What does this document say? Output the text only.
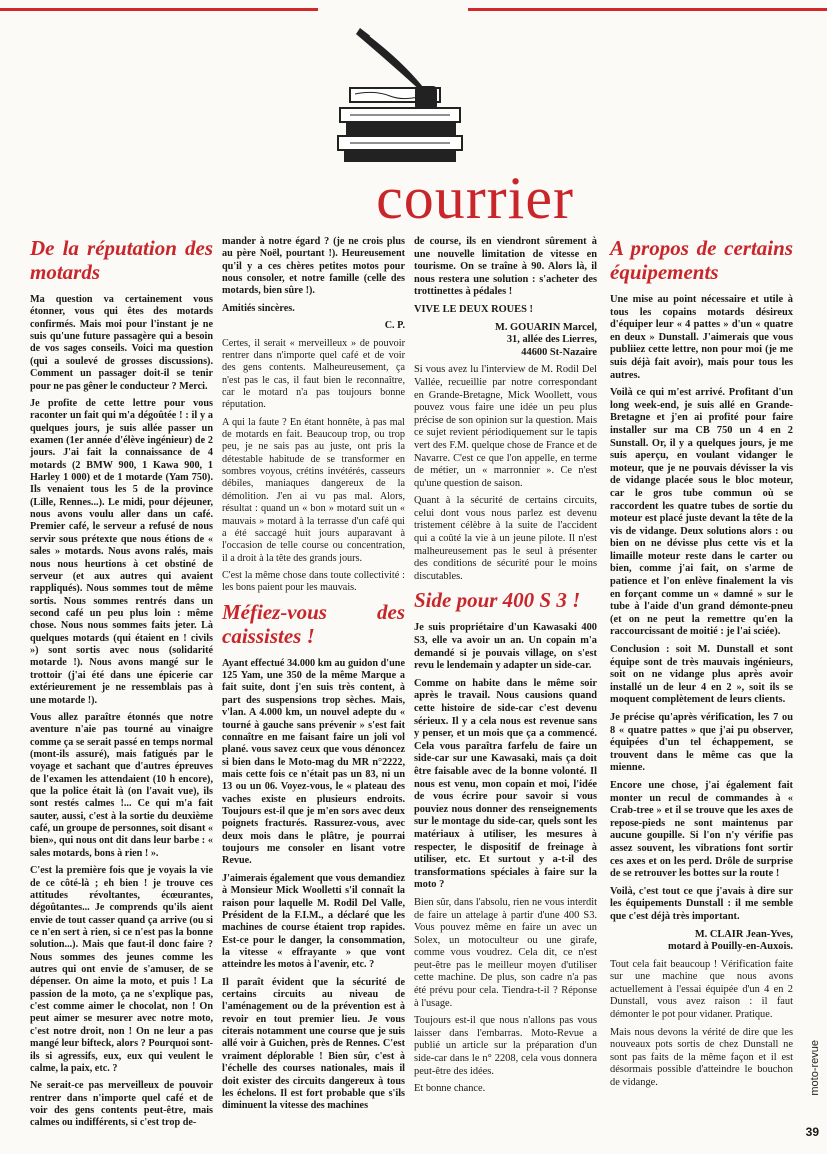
courrier
De la réputation des motards

Ma question va certainement vous étonner, vous qui êtes des motards confirmés. Mais moi pour l'instant je ne suis qu'une future passagère qui a besoin de vos sages conseils. Voici ma question (qui a soulevé de grosses discussions). Comment un passager doit-il se tenir pour ne pas gêner le conducteur ? Merci.

Je profite de cette lettre pour vous raconter un fait qui m'a dégoûtée ! : il y a quelques jours, je suis allée passer un examen (1er année d'élève ingénieur) de 2 jours. J'ai fait la connaissance de 4 motards (2 BMW 900, 1 Kawa 900, 1 Harley 1 000) et de 1 motarde (Yam 750). Ils venaient tous les 5 de la province (Lille, Rennes...). Le midi, pour déjeuner, nous avons voulu aller dans un café. Premier café, le serveur a refusé de nous servir sous prétexte que nous étions de « sales » motards. Nous avons ralés, mais nous nous heurtions à cet obstiné de serveur (et aux autres qui avaient rappliqués). Nous sommes tout de même sortis. Nous sommes rentrés dans un second café un peu plus loin : même chose. Nous nous sommes faits jeter. Là quelques motards (qui étaient en ! civils ») sont sortis avec nous (solidarité motarde !). Nous avons mangé sur le trottoir (j'ai été dans une épicerie car extérieurement je ne ressemblais pas à une motarde !).

Vous allez paraître étonnés que notre aventure n'aie pas tourné au vinaigre comme ça se serait passé en temps normal (mont-ils assuré), mais fatigués par le voyage et sachant que d'autres épreuves de l'examen les attendaient (10 h encore), que la police était là (on l'avait vue), ils sont restés calmes !... Ce qui m'a fait sauter, aussi, c'est à la sortie du deuxième café, un groupe de personnes, soit disant « bien», qui nous ont dit dans leur barbe : « sales motards, bons à rien ! ».

C'est la première fois que je voyais la vie de ce côté-là ; eh bien ! je trouve ces attitudes révoltantes, écœurantes, dégoûtantes... Je comprends qu'ils aient envie de tout casser quand ça arrive (ou si ce n'en sert à rien, si ce n'est pas la bonne solution...). Mais que faut-il donc faire ? Nous sommes des jeunes comme les autres qui ont envie de s'amuser, de se dépenser. On aime la moto, et puis ! La passion de la moto, ça ne s'explique pas, c'est comme aimer le chocolat, non ! On peut aimer se mesurer avec notre moto, c'est notre droit, non ! On ne leur a pas mangé leur bifteck, alors ? Pourquoi sont-ils si agressifs, eux, eux qui veulent le calme, la paix, etc. ?

Ne serait-ce pas merveilleux de pouvoir rentrer dans n'importe quel café et de voir des gens contents peut-être, mais calmes ou indifférents, si c'est trop de-

mander à notre égard ? (je ne crois plus au père Noël, pourtant !). Heureusement qu'il y a ces chères petites motos pour nous consoler, et notre famille (celle des motards, bien sûre !).

Amitiés sincères.

C. P.

Certes, il serait « merveilleux » de pouvoir rentrer dans n'importe quel café et de voir des gens contents. Malheureusement, ça n'est pas le cas, il faut bien le reconnaître, car le motard n'a pas toujours bonne réputation.

A qui la faute ? En étant honnête, à pas mal de motards en fait. Beaucoup trop, ou trop peu, je ne sais pas au juste, ont pris la détestable habitude de se transformer en sombres voyous, crétins invétérés, casseurs débiles, maniaques dangereux de la démolition. J'en ai vu pas mal. Alors, résultat : quand un « bon » motard suit un « mauvais » motard à la terrasse d'un café qui a été saccagé huit jours auparavant à l'occasion de telle course ou concentration, il a droit à la tête des grands jours.

C'est la même chose dans toute collectivité : les bons paient pour les mauvais.

Méfiez-vous des caissistes !

Ayant effectué 34.000 km au guidon d'une 125 Yam, une 350 de la même Marque a fait suite, dont j'en suis très content, à part des suspensions trop sèches. Mais, v'lan. A 4.000 km, un nouvel adepte du « tourné à gauche sans prévenir » s'est fait connaître en me faisant faire un joli vol plané. vous savez ceux que vous dénoncez si bien dans le Moto-mag du MR n°2222, mais cette fois ce n'était pas un 83, ni un 13 ou un 06. Voyez-vous, le « plateau des vaches existe en plusieurs endroits. Toujours est-il que je m'en sors avec deux poignets fracturés. Rassurez-vous, avec deux mois dans le plâtre, je pourrai toujours me consoler en lisant votre Revue.

J'aimerais également que vous demandiez à Monsieur Mick Woolletti s'il connaît la raison pour laquelle M. Rodil Del Valle, Président de la F.I.M., a déclaré que les machines de course étaient trop rapides. Est-ce pour le danger, la consommation, la vitesse « effrayante » que vont atteindre les motos à l'avenir, etc. ?

Il paraît évident que la sécurité de certains circuits au niveau de l'aménagement ou de la prévention est à revoir en tout premier lieu. Je vous citerais notamment une course que je suis allé voir à Guichen, près de Rennes. C'est vraiment déplorable ! Bien sûr, c'est à l'échelle des courses nationales, mais il doit exister des circuits dangereux à tous les échelons. Il est fort probable que s'ils diminuent la vitesse des machines

de course, ils en viendront sûrement à une nouvelle limitation de vitesse en tourisme. On se traîne à 90. Alors là, il nous restera une solution : s'acheter des trottinettes à pédales !

VIVE LE DEUX ROUES !

M. GOUARIN Marcel,

31, allée des Lierres,

44600 St-Nazaire

Si vous avez lu l'interview de M. Rodil Del Vallée, recueillie par notre correspondant en Grande-Bretagne, Mick Woollett, vous pouvez vous faire une idée un peu plus précise de son opinion sur la question. Mais ce sujet revient périodiquement sur le tapis vert des F.M. quelque chose de France et de Navarre. C'est ce que l'on appelle, en terme de métier, un « marronnier ». Ce n'est qu'une question de saison.

Quant à la sécurité de certains circuits, celui dont vous nous parlez est devenu tristement célèbre à la suite de l'accident qui a coûté la vie à un jeune pilote. Il n'est malheureusement pas le seul à présenter des conditions de sécurité pour le moins discutables.

Side pour 400 S 3 !

Je suis propriétaire d'un Kawasaki 400 S3, elle va avoir un an. Un copain m'a demandé si je pouvais village, on s'est revu le lendemain y adapter un side-car.

Comme on habite dans le même soir après le travail. Nous causions quand cette histoire de side-car c'est devenu sérieux. Il y a cela nous est revenue sans y penser, et un mois que ça a commencé. Cela vous paraîtra farfelu de faire un side-car sur une Kawasaki, mais ça doit être faisable avec de la bonne volonté. Il nous est venu, mon copain et moi, l'idée de vous écrire pour savoir si vous pouviez nous donner des renseignements sur le montage du side-car, quels sont les matériaux à utiliser, les mesures à respecter, le dispositif de freinage à utiliser, etc. Et surtout y a-t-il des transformations spéciales à faire sur la moto ?

Bien sûr, dans l'absolu, rien ne vous interdit de faire un attelage à partir d'une 400 S3. Vous pouvez même en faire un avec un Solex, un motoculteur ou une girafe, comme vous voudrez. Cela dit, ce n'est peut-être pas le meilleur moyen d'utiliser cette machine. De plus, son cadre n'a pas été prévu pour cela. Tiendra-t-il ? Réponse à l'usage.

Toujours est-il que nous n'allons pas vous laisser dans l'embarras. Moto-Revue a publié un article sur la préparation d'un side-car dans le n° 2208, cela vous donnera peut-être des idées.

Et bonne chance.

A propos de certains équipements

Une mise au point nécessaire et utile à tous les copains motards désireux d'équiper leur « 4 pattes » d'un « quatre en deux » Dunstall. J'aimerais que vous publiiez cette lettre, non pour moi (je me suis déjà fait avoir), mais pour tous les autres.

Voilà ce qui m'est arrivé. Profitant d'un long week-end, je suis allé en Grande-Bretagne et j'en ai profité pour faire installer sur ma CB 750 un 4 en 2 Sunstall. Or, il y a quelques jours, je me suis aperçu, en voulant vidanger le moteur, que je ne pouvais dévisser la vis de vidange placée sous le bloc moteur, car le gros tube commun où se raccordent les quatre tubes de sortie du moteur est placé juste devant la tête de la vis de vidange. Deux solutions alors : ou bien on ne dévisse plus cette vis et la limaille moteur reste dans le carter ou bien, comme j'ai fait, on s'arme de patience et l'on enlève finalement la vis en forçant comme un « damné » sur le tube à l'aide d'un grand démonte-pneu (et on ne peut la remettre qu'en la raccourcissant de moitié : je l'ai sciée).

Conclusion : soit M. Dunstall et sont équipe sont de très mauvais ingénieurs, soit on ne vidange plus après avoir installé un de leur 4 en 2 », soit ils se moquent complètement de leurs clients.

Je précise qu'après vérification, les 7 ou 8 « quatre pattes » que j'ai pu observer, équipées d'un tel échappement, se trouvent dans le même cas que la mienne.

Encore une chose, j'ai également fait monter un recul de commandes à « Crab-tree » et il se trouve que les axes de repose-pieds ne sont maintenus par aucune goupille. Si l'on n'y vérifie pas assez souvent, les vibrations font sortir ces axes et on les perd. Drôle de surprise de se retrouver les bottes sur la route !

Voilà, c'est tout ce que j'avais à dire sur les équipements Dunstall : il me semble que c'est déjà très important.

M. CLAIR Jean-Yves,

motard à Pouilly-en-Auxois.

Tout cela fait beaucoup ! Vérification faite sur une machine que nous avons actuellement à l'essai équipée d'un 4 en 2 Dunstall, vous avez raison : il faut démonter le pot pour vidaner. Pratique.

Mais nous devons la vérité de dire que les nouveaux pots sortis de chez Dunstall ne sont pas faits de la même façon et il est désormais possible d'atteindre le bouchon de vidange.	moto-revue
39
